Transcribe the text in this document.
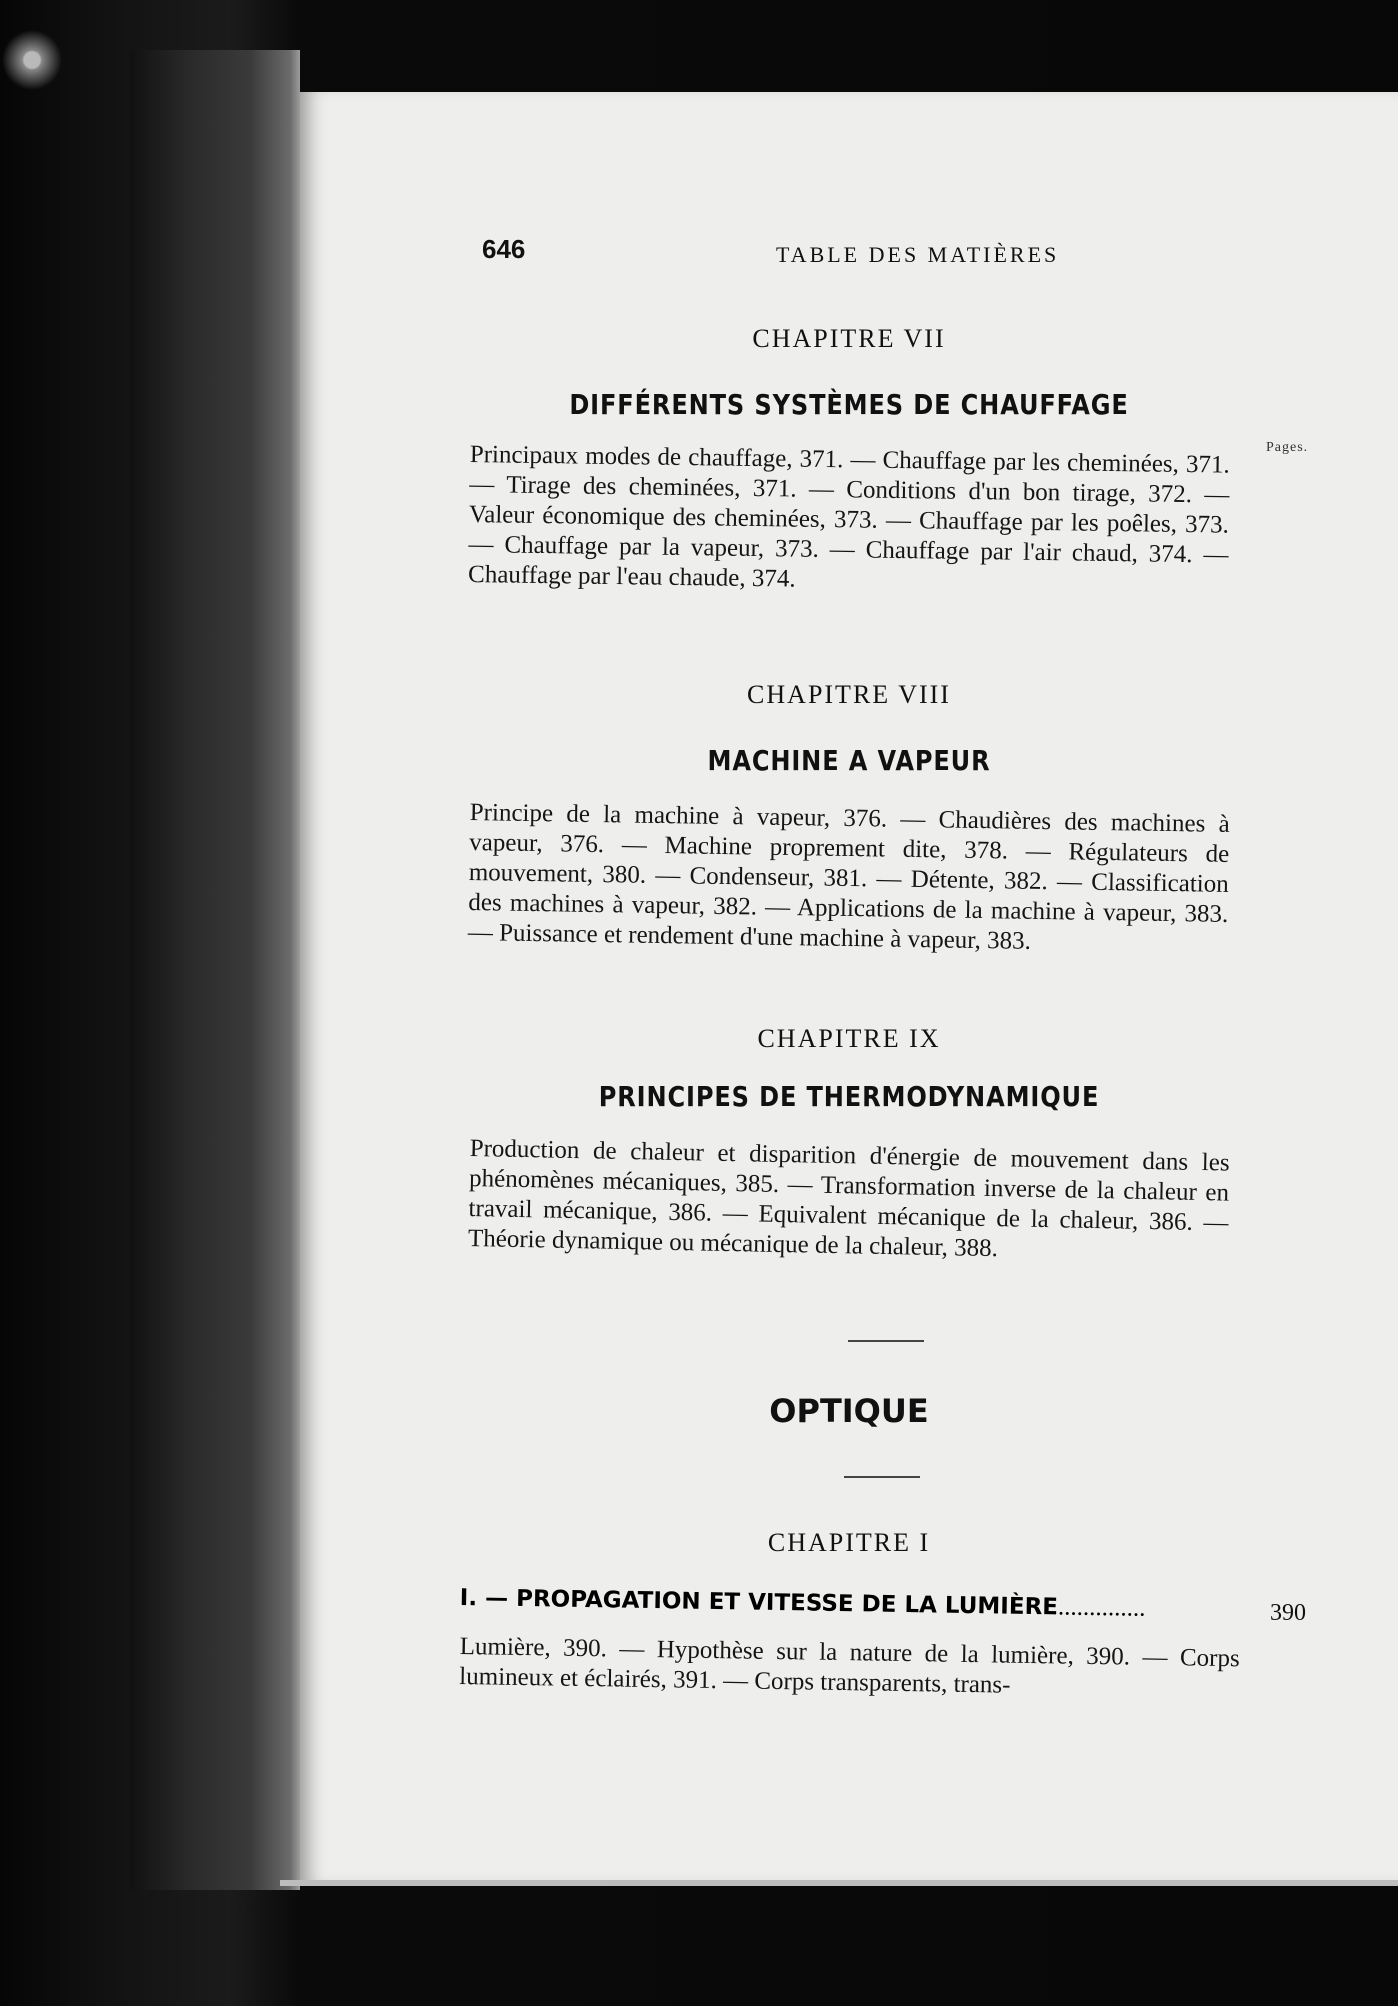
646	TABLE DES MATIÈRES
CHAPITRE VII
DIFFÉRENTS SYSTÈMES DE CHAUFFAGE
Pages.
Principaux modes de chauffage, 371. — Chauffage par les cheminées, 371. — Tirage des cheminées, 371. — Conditions d'un bon tirage, 372. — Valeur économique des cheminées, 373. — Chauffage par les poêles, 373. — Chauffage par la vapeur, 373. — Chauffage par l'air chaud, 374. — Chauffage par l'eau chaude, 374.
CHAPITRE VIII
MACHINE A VAPEUR
Principe de la machine à vapeur, 376. — Chaudières des machines à vapeur, 376. — Machine proprement dite, 378. — Régulateurs de mouvement, 380. — Condenseur, 381. — Détente, 382. — Classification des machines à vapeur, 382. — Applications de la machine à vapeur, 383. — Puissance et rendement d'une machine à vapeur, 383.
CHAPITRE IX
PRINCIPES DE THERMODYNAMIQUE
Production de chaleur et disparition d'énergie de mouvement dans les phénomènes mécaniques, 385. — Transformation inverse de la chaleur en travail mécanique, 386. — Equivalent mécanique de la chaleur, 386. — Théorie dynamique ou mécanique de la chaleur, 388.
OPTIQUE
CHAPITRE I
I. — PROPAGATION ET VITESSE DE LA LUMIÈRE..............	390
Lumière, 390. — Hypothèse sur la nature de la lumière, 390. — Corps lumineux et éclairés, 391. — Corps transparents, trans-
